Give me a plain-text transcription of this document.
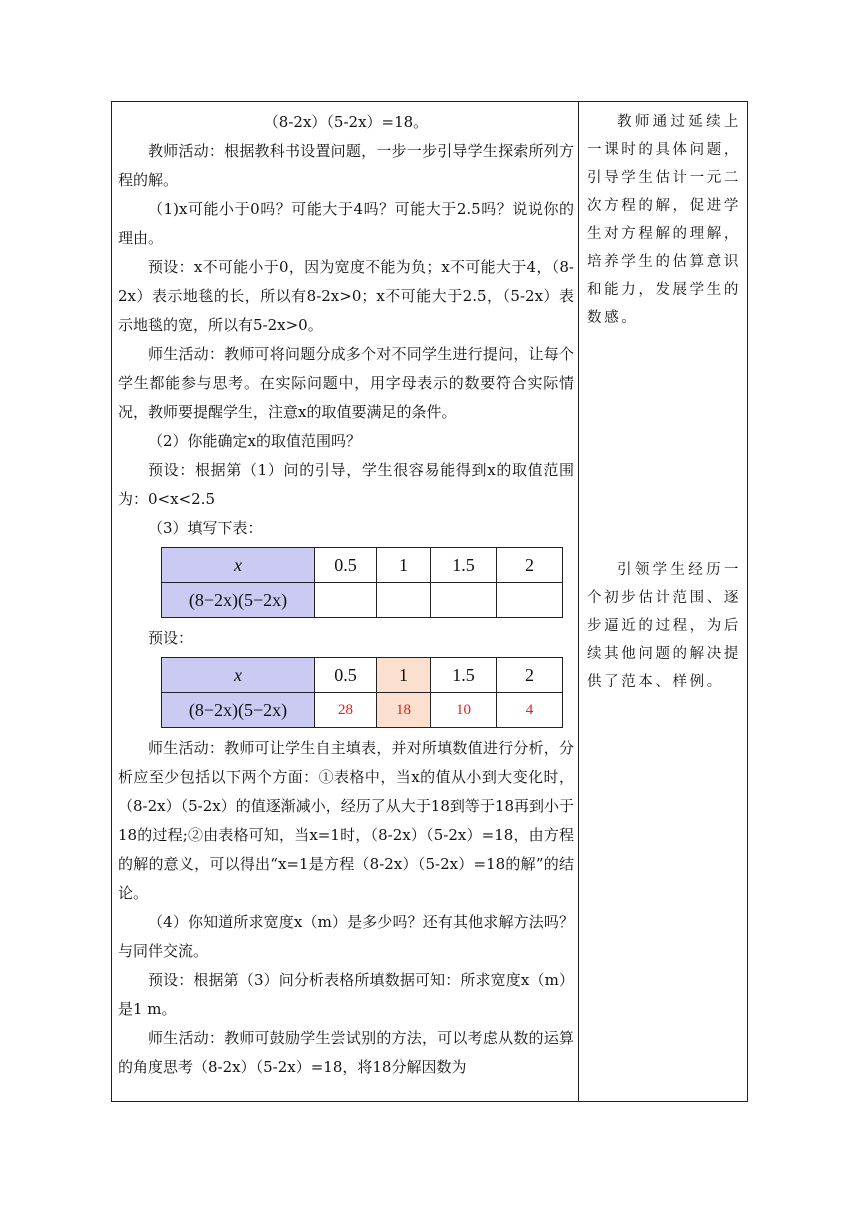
（8-2x）（5-2x）=18。

教师活动：根据教科书设置问题，一步一步引导学生探索所列方程的解。

（1)x可能小于0吗？可能大于4吗？可能大于2.5吗？说说你的理由。

预设：x不可能小于0，因为宽度不能为负；x不可能大于4，（8-2x）表示地毯的长，所以有8-2x>0；x不可能大于2.5，（5-2x）表示地毯的宽，所以有5-2x>0。

师生活动：教师可将问题分成多个对不同学生进行提问，让每个学生都能参与思考。在实际问题中，用字母表示的数要符合实际情况，教师要提醒学生，注意x的取值要满足的条件。

（2）你能确定x的取值范围吗？

预设：根据第（1）问的引导，学生很容易能得到x的取值范围为：0<x<2.5

（3）填写下表：

x	0.5	1	1.5	2
(8−2x)(5−2x)				

预设：

x	0.5	1	1.5	2
(8−2x)(5−2x)	28	18	10	4

师生活动：教师可让学生自主填表，并对所填数值进行分析，分析应至少包括以下两个方面：①表格中，当x的值从小到大变化时，（8-2x）（5-2x）的值逐渐减小，经历了从大于18到等于18再到小于18的过程;②由表格可知，当x=1时，（8-2x）（5-2x）=18，由方程的解的意义，可以得出“x=1是方程（8-2x）（5-2x）=18的解”的结论。

（4）你知道所求宽度x（m）是多少吗？还有其他求解方法吗？与同伴交流。

预设：根据第（3）问分析表格所填数据可知：所求宽度x（m）是1 m。

师生活动：教师可鼓励学生尝试别的方法，可以考虑从数的运算的角度思考（8-2x）（5-2x）=18，将18分解因数为

教师通过延续上一课时的具体问题，引导学生估计一元二次方程的解，促进学生对方程解的理解，培养学生的估算意识和能力，发展学生的数感。

引领学生经历一个初步估计范围、逐步逼近的过程，为后续其他问题的解决提供了范本、样例。
